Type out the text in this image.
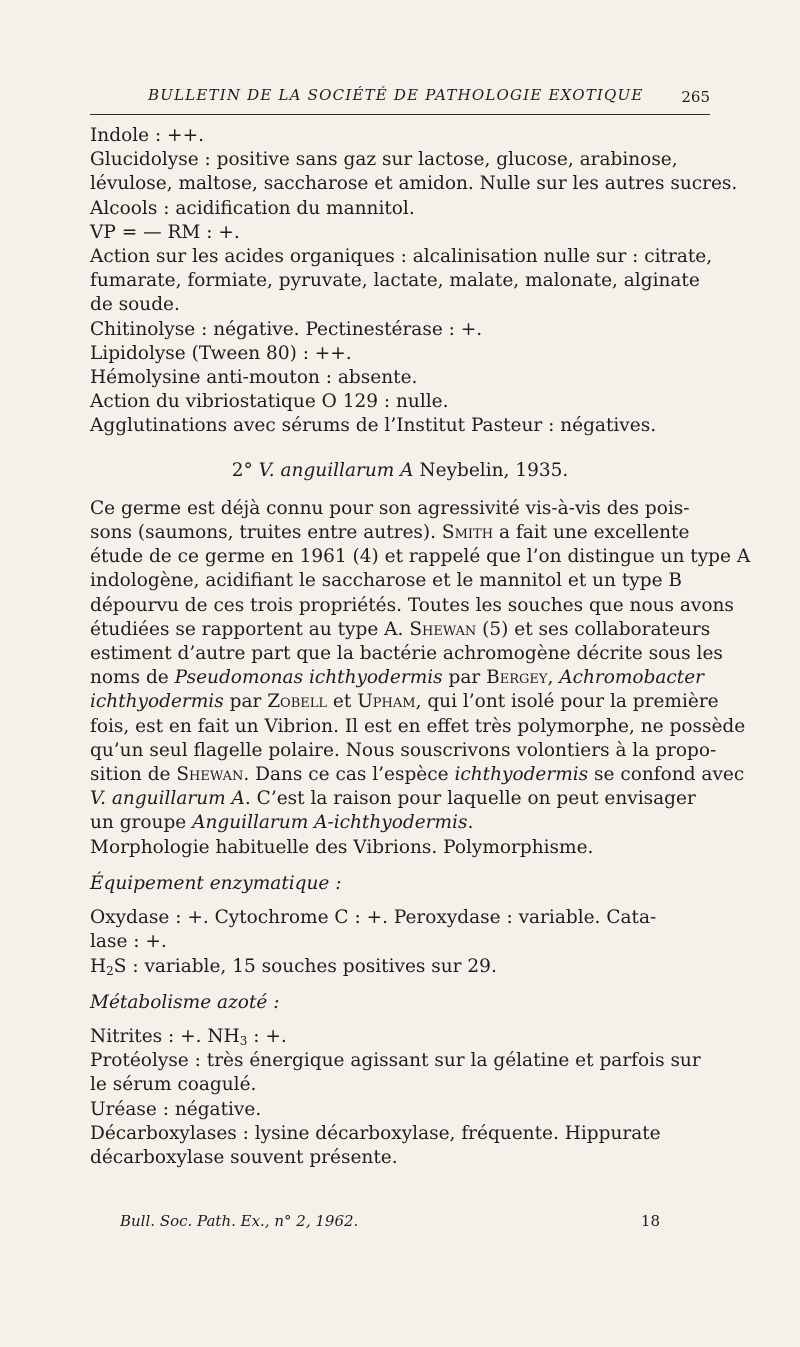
BULLETIN DE LA SOCIÉTÉ DE PATHOLOGIE EXOTIQUE	265

Indole : ++.

Glucidolyse : positive sans gaz sur lactose, glucose, arabinose,
lévulose, maltose, saccharose et amidon. Nulle sur les autres sucres.

Alcools : acidification du mannitol.

VP = — RM : +.

Action sur les acides organiques : alcalinisation nulle sur : citrate,
fumarate, formiate, pyruvate, lactate, malate, malonate, alginate
de soude.

Chitinolyse : négative. Pectinestérase : +.

Lipidolyse (Tween 80) : ++.

Hémolysine anti-mouton : absente.

Action du vibriostatique O 129 : nulle.

Agglutinations avec sérums de l’Institut Pasteur : négatives.

2° V. anguillarum A Neybelin, 1935.

Ce germe est déjà connu pour son agressivité vis-à-vis des pois-
sons (saumons, truites entre autres). Smith a fait une excellente
étude de ce germe en 1961 (4) et rappelé que l’on distingue un type A
indologène, acidifiant le saccharose et le mannitol et un type B
dépourvu de ces trois propriétés. Toutes les souches que nous avons
étudiées se rapportent au type A. Shewan (5) et ses collaborateurs
estiment d’autre part que la bactérie achromogène décrite sous les
noms de Pseudomonas ichthyodermis par Bergey, Achromobacter
ichthyodermis par Zobell et Upham, qui l’ont isolé pour la première
fois, est en fait un Vibrion. Il est en effet très polymorphe, ne possède
qu’un seul flagelle polaire. Nous souscrivons volontiers à la propo-
sition de Shewan. Dans ce cas l’espèce ichthyodermis se confond avec
V. anguillarum A. C’est la raison pour laquelle on peut envisager
un groupe Anguillarum A-ichthyodermis.

Morphologie habituelle des Vibrions. Polymorphisme.

Équipement enzymatique :

Oxydase : +. Cytochrome C : +. Peroxydase : variable. Cata-
lase : +.

$H_2S$ : variable, 15 souches positives sur 29.

Métabolisme azoté :

Nitrites : +. $NH_3$ : +.

Protéolyse : très énergique agissant sur la gélatine et parfois sur
le sérum coagulé.

Uréase : négative.

Décarboxylases : lysine décarboxylase, fréquente. Hippurate
décarboxylase souvent présente.

Bull. Soc. Path. Ex., n° 2, 1962.	18
